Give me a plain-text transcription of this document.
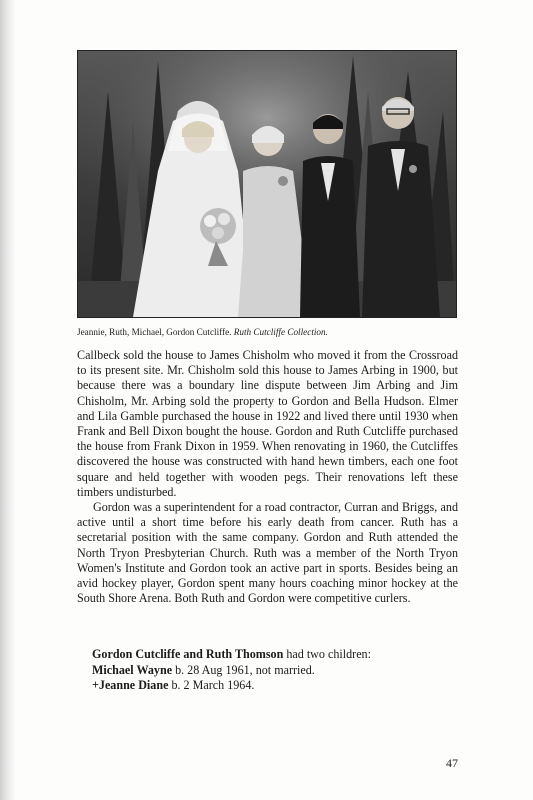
Jeannie, Ruth, Michael, Gordon Cutcliffe. Ruth Cutcliffe Collection.

Callbeck sold the house to James Chisholm who moved it from the Crossroad to its present site. Mr. Chisholm sold this house to James Arbing in 1900, but because there was a boundary line dispute between Jim Arbing and Jim Chisholm, Mr. Arbing sold the property to Gordon and Bella Hudson. Elmer and Lila Gamble purchased the house in 1922 and lived there until 1930 when Frank and Bell Dixon bought the house. Gordon and Ruth Cutcliffe purchased the house from Frank Dixon in 1959. When renovating in 1960, the Cutcliffes discovered the house was constructed with hand hewn timbers, each one foot square and held together with wooden pegs. Their renovations left these timbers undisturbed.

Gordon was a superintendent for a road contractor, Curran and Briggs, and active until a short time before his early death from cancer. Ruth has a secretarial position with the same company. Gordon and Ruth attended the North Tryon Presbyterian Church. Ruth was a member of the North Tryon Women's Institute and Gordon took an active part in sports. Besides being an avid hockey player, Gordon spent many hours coaching minor hockey at the South Shore Arena. Both Ruth and Gordon were competitive curlers.

Gordon Cutcliffe and Ruth Thomson had two children:
Michael Wayne b. 28 Aug 1961, not married.
+Jeanne Diane b. 2 March 1964.
47
